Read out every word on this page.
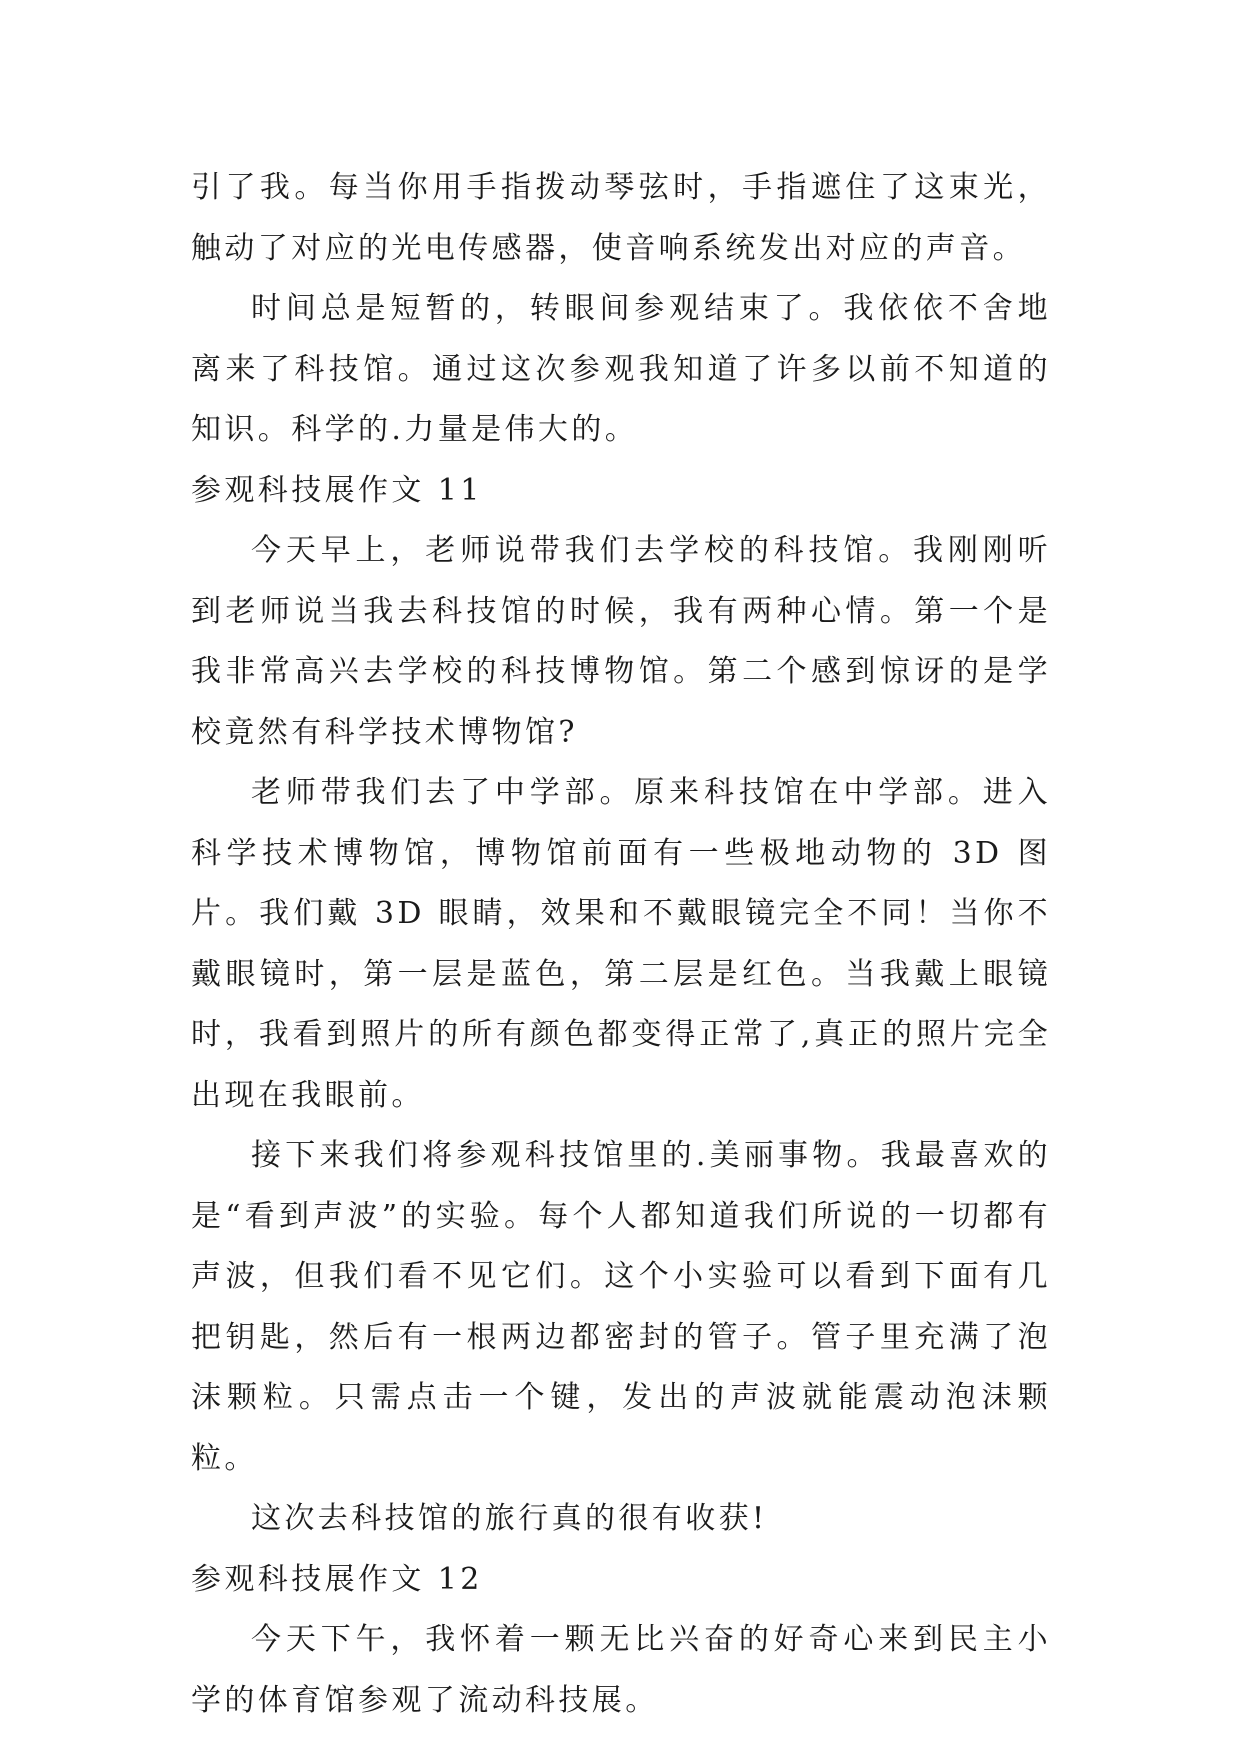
引了我。每当你用手指拨动琴弦时，手指遮住了这束光，触动了对应的光电传感器，使音响系统发出对应的声音。

时间总是短暂的，转眼间参观结束了。我依依不舍地离来了科技馆。通过这次参观我知道了许多以前不知道的知识。科学的.力量是伟大的。

参观科技展作文 11

今天早上，老师说带我们去学校的科技馆。我刚刚听到老师说当我去科技馆的时候，我有两种心情。第一个是我非常高兴去学校的科技博物馆。第二个感到惊讶的是学校竟然有科学技术博物馆?

老师带我们去了中学部。原来科技馆在中学部。进入科学技术博物馆，博物馆前面有一些极地动物的 3D 图片。我们戴 3D 眼睛，效果和不戴眼镜完全不同！当你不戴眼镜时，第一层是蓝色，第二层是红色。当我戴上眼镜时，我看到照片的所有颜色都变得正常了,真正的照片完全出现在我眼前。

接下来我们将参观科技馆里的.美丽事物。我最喜欢的是“看到声波”的实验。每个人都知道我们所说的一切都有声波，但我们看不见它们。这个小实验可以看到下面有几把钥匙，然后有一根两边都密封的管子。管子里充满了泡沫颗粒。只需点击一个键，发出的声波就能震动泡沫颗粒。

这次去科技馆的旅行真的很有收获!

参观科技展作文 12

今天下午，我怀着一颗无比兴奋的好奇心来到民主小学的体育馆参观了流动科技展。
